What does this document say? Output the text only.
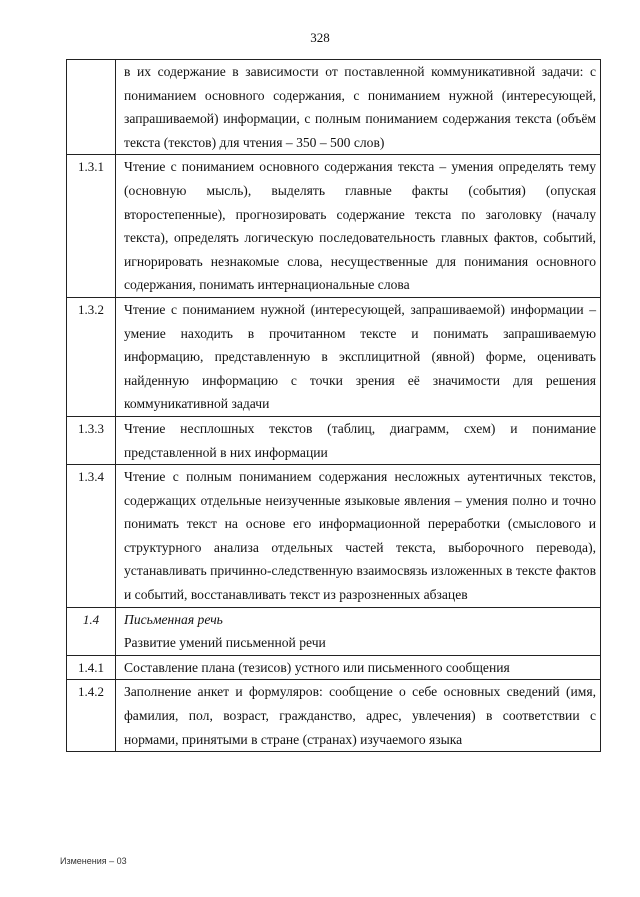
328
	в их содержание в зависимости от поставленной коммуникативной задачи: с пониманием основного содержания, с пониманием нужной (интересующей, запрашиваемой) информации, с полным пониманием содержания текста (объём текста (текстов) для чтения – 350 – 500 слов)
1.3.1	Чтение с пониманием основного содержания текста – умения определять тему (основную мысль), выделять главные факты (события) (опуская второстепенные), прогнозировать содержание текста по заголовку (началу текста), определять логическую последовательность главных фактов, событий, игнорировать незнакомые слова, несущественные для понимания основного содержания, понимать интернациональные слова
1.3.2	Чтение с пониманием нужной (интересующей, запрашиваемой) информации – умение находить в прочитанном тексте и понимать запрашиваемую информацию, представленную в эксплицитной (явной) форме, оценивать найденную информацию с точки зрения её значимости для решения коммуникативной задачи
1.3.3	Чтение несплошных текстов (таблиц, диаграмм, схем) и понимание представленной в них информации
1.3.4	Чтение с полным пониманием содержания несложных аутентичных текстов, содержащих отдельные неизученные языковые явления – умения полно и точно понимать текст на основе его информационной переработки (смыслового и структурного анализа отдельных частей текста, выборочного перевода), устанавливать причинно-следственную взаимосвязь изложенных в тексте фактов и событий, восстанавливать текст из разрозненных абзацев
1.4	Письменная речь
Развитие умений письменной речи

1.4.1	Составление плана (тезисов) устного или письменного сообщения
1.4.2	Заполнение анкет и формуляров: сообщение о себе основных сведений (имя, фамилия, пол, возраст, гражданство, адрес, увлечения) в соответствии с нормами, принятыми в стране (странах) изучаемого языка
Изменения – 03
